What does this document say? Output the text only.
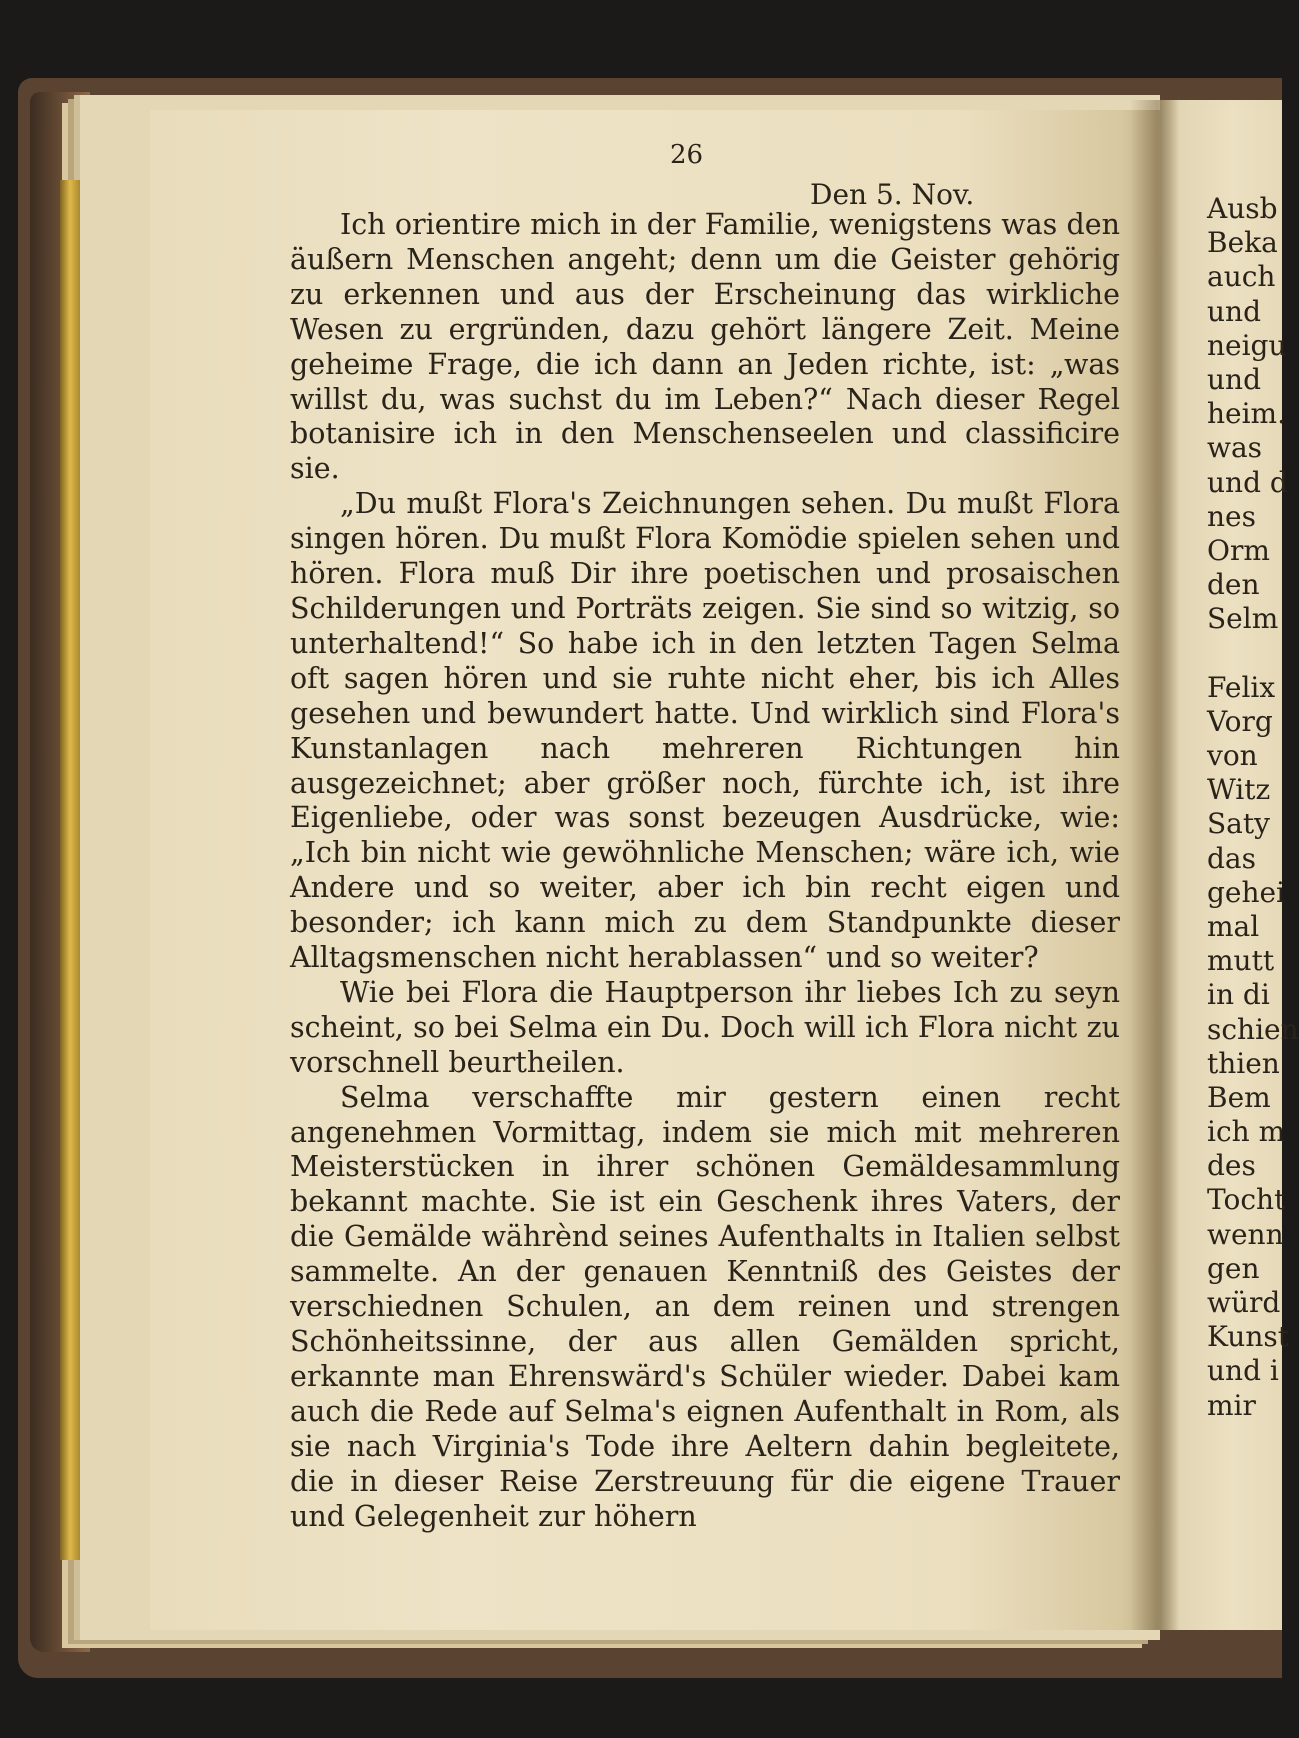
26
Den 5. Nov.

Ich orientire mich in der Familie, wenigstens was den äußern Menschen angeht; denn um die Geister gehörig zu erkennen und aus der Erscheinung das wirkliche Wesen zu ergründen, dazu gehört längere Zeit. Meine geheime Frage, die ich dann an Jeden richte, ist: „was willst du, was suchst du im Leben?“ Nach dieser Regel botanisire ich in den Menschenseelen und classificire sie.

„Du mußt Flora's Zeichnungen sehen. Du mußt Flora singen hören. Du mußt Flora Komödie spielen sehen und hören. Flora muß Dir ihre poetischen und prosaischen Schilderungen und Porträts zeigen. Sie sind so witzig, so unterhaltend!“ So habe ich in den letzten Tagen Selma oft sagen hören und sie ruhte nicht eher, bis ich Alles gesehen und bewundert hatte. Und wirklich sind Flora's Kunstanlagen nach mehreren Richtungen hin ausgezeichnet; aber größer noch, fürchte ich, ist ihre Eigenliebe, oder was sonst bezeugen Ausdrücke, wie: „Ich bin nicht wie gewöhnliche Menschen; wäre ich, wie Andere und so weiter, aber ich bin recht eigen und besonder; ich kann mich zu dem Standpunkte dieser Alltagsmenschen nicht herablassen“ und so weiter?

Wie bei Flora die Hauptperson ihr liebes Ich zu seyn scheint, so bei Selma ein Du. Doch will ich Flora nicht zu vorschnell beurtheilen.

Selma verschaffte mir gestern einen recht angenehmen Vormittag, indem sie mich mit mehreren Meisterstücken in ihrer schönen Gemäldesammlung bekannt machte. Sie ist ein Geschenk ihres Vaters, der die Gemälde währènd seines Aufenthalts in Italien selbst sammelte. An der genauen Kenntniß des Geistes der verschiednen Schulen, an dem reinen und strengen Schönheitssinne, der aus allen Gemälden spricht, erkannte man Ehrenswärd's Schüler wieder. Dabei kam auch die Rede auf Selma's eignen Aufenthalt in Rom, als sie nach Virginia's Tode ihre Aeltern dahin begleitete, die in dieser Reise Zerstreuung für die eigene Trauer und Gelegenheit zur höhern

Ausb
Beka
auch
und
neigu
und
heim.
was
und d
nes
Orm
den
Selm
Felix
Vorg
von
Witz
Saty
das
gehei
mal
mutt
in di
schien
thien
Bem
ich m
des
Tocht
wenn
gen
würd
Kunst
und i
mir
